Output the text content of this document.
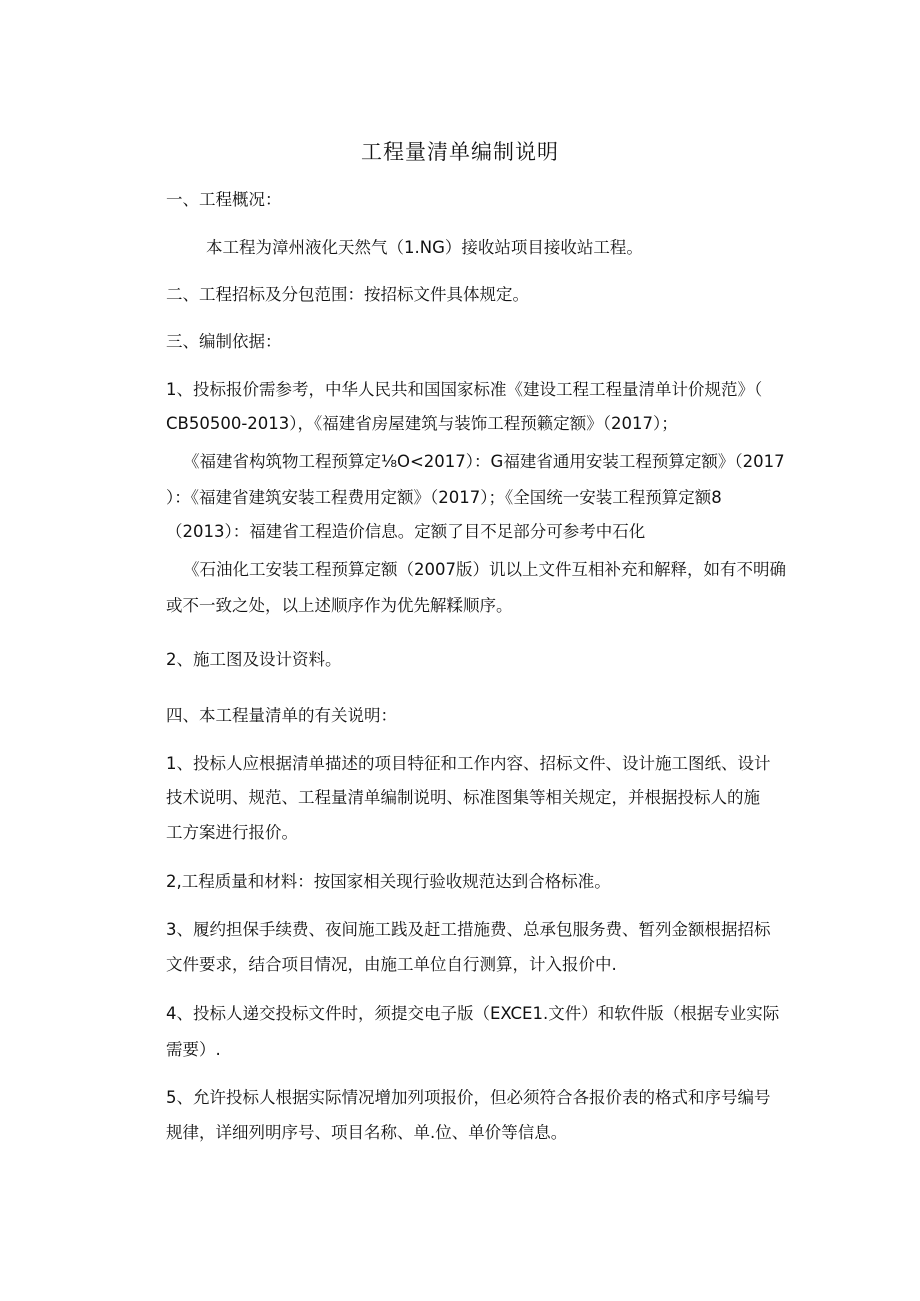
工程量清单编制说明
一、工程概况：
本工程为漳州液化天然气（1.NG）接收站项目接收站工程。
二、工程招标及分包范围：按招标文件具体规定。
三、编制依据：
1、投标报价需参考，中华人民共和国国家标准《建设工程工程量清单计价规范》（
CB50500-2013），《福建省房屋建筑与装饰工程预籁定额》（2017）；
《福建省构筑物工程预算定⅛O<2017）：G福建省通用安装工程预算定额》（2017
）：《福建省建筑安装工程费用定额》（2017）；《全国统一安装工程预算定额8
（2013）：福建省工程造价信息。定额了目不足部分可参考中石化
《石油化工安装工程预算定额（2007版）讥以上文件互相补充和解释，如有不明确
或不一致之处，以上述顺序作为优先解糅顺序。
2、施工图及设计资料。
四、本工程量清单的有关说明：
1、投标人应根据清单描述的项目特征和工作内容、招标文件、设计施工图纸、设计
技术说明、规范、工程量清单编制说明、标准图集等相关规定，并根据投标人的施
工方案进行报价。
2,工程质量和材料：按国家相关现行验收规范达到合格标准。
3、履约担保手续费、夜间施工践及赶工措施费、总承包服务费、暂列金额根据招标
文件要求，结合项目情况，由施工单位自行测算，计入报价中.
4、投标人递交投标文件时，须提交电子版（EXCE1.文件）和软件版（根据专业实际
需要）.
5、允许投标人根据实际情况增加列项报价，但必须符合各报价表的格式和序号编号
规律，详细列明序号、项目名称、单.位、单价等信息。
